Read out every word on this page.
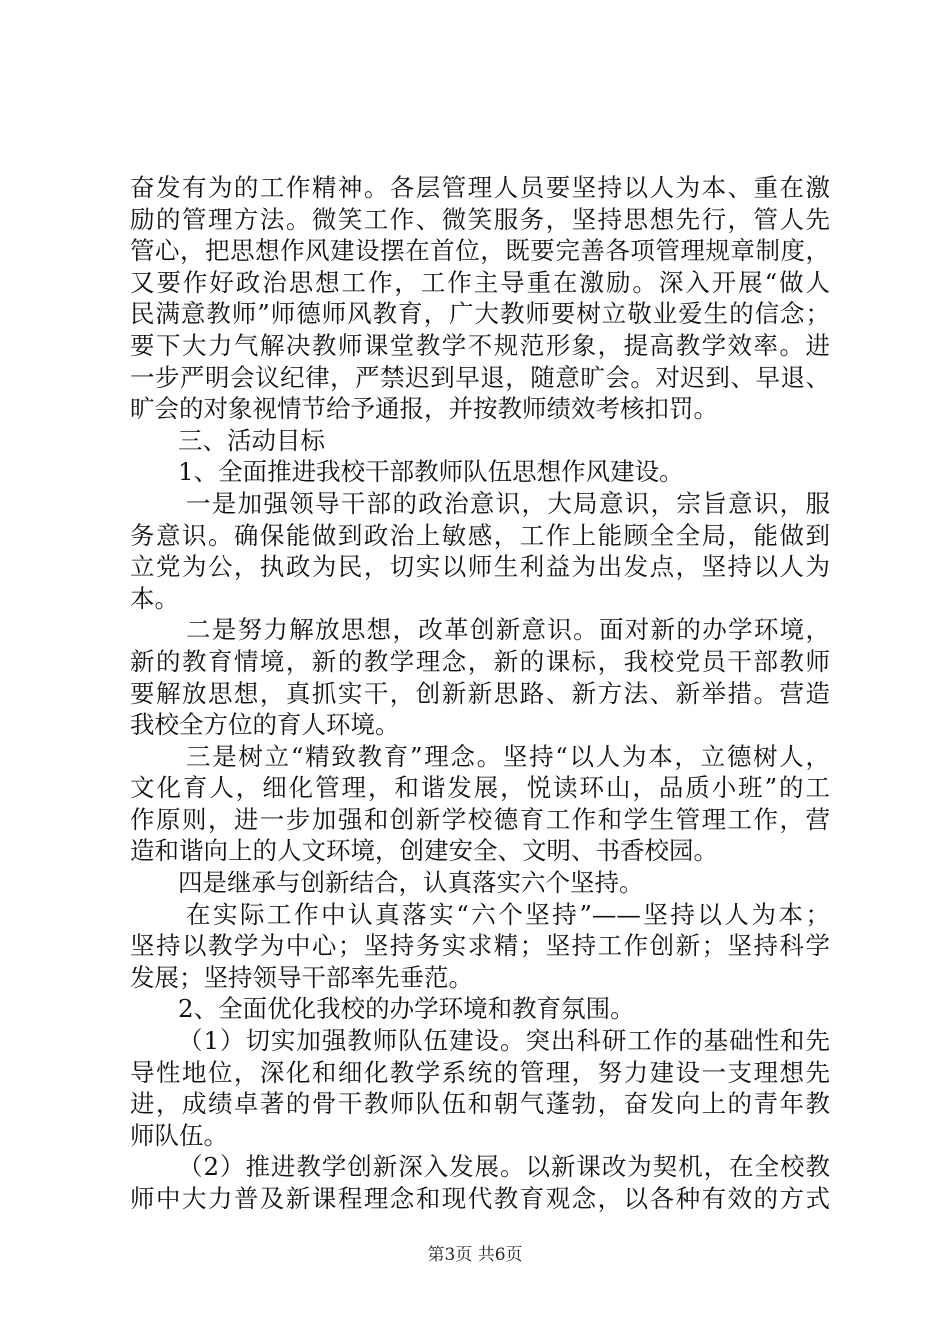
奋发有为的工作精神。各层管理人员要坚持以人为本、重在激
励的管理方法。微笑工作、微笑服务，坚持思想先行，管人先
管心，把思想作风建设摆在首位，既要完善各项管理规章制度，
又要作好政治思想工作，工作主导重在激励。深入开展“做人
民满意教师”师德师风教育，广大教师要树立敬业爱生的信念；
要下大力气解决教师课堂教学不规范形象，提高教学效率。进
一步严明会议纪律，严禁迟到早退，随意旷会。对迟到、早退、
旷会的对象视情节给予通报，并按教师绩效考核扣罚。
三、活动目标
1、全面推进我校干部教师队伍思想作风建设。
一是加强领导干部的政治意识，大局意识，宗旨意识，服
务意识。确保能做到政治上敏感，工作上能顾全全局，能做到
立党为公，执政为民，切实以师生利益为出发点，坚持以人为
本。
二是努力解放思想，改革创新意识。面对新的办学环境，
新的教育情境，新的教学理念，新的课标，我校党员干部教师
要解放思想，真抓实干，创新新思路、新方法、新举措。营造
我校全方位的育人环境。
三是树立“精致教育”理念。坚持“以人为本，立德树人，
文化育人，细化管理，和谐发展，悦读环山，品质小班”的工
作原则，进一步加强和创新学校德育工作和学生管理工作，营
造和谐向上的人文环境，创建安全、文明、书香校园。
四是继承与创新结合，认真落实六个坚持。
在实际工作中认真落实“六个坚持”——坚持以人为本；
坚持以教学为中心；坚持务实求精；坚持工作创新；坚持科学
发展；坚持领导干部率先垂范。
2、全面优化我校的办学环境和教育氛围。
（1）切实加强教师队伍建设。突出科研工作的基础性和先
导性地位，深化和细化教学系统的管理，努力建设一支理想先
进，成绩卓著的骨干教师队伍和朝气蓬勃，奋发向上的青年教
师队伍。
（2）推进教学创新深入发展。以新课改为契机，在全校教
师中大力普及新课程理念和现代教育观念，以各种有效的方式
第3页 共6页
